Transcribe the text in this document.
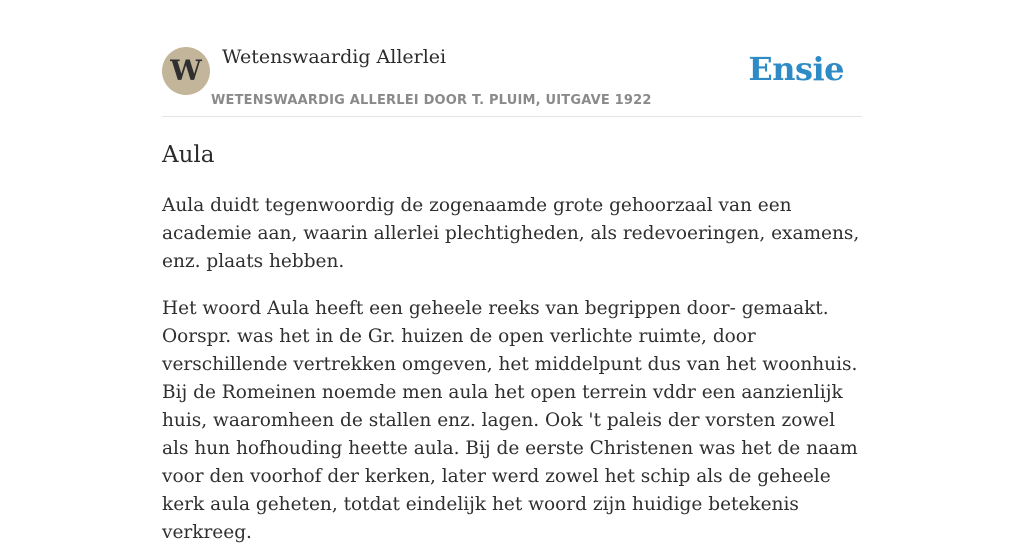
W	Wetenswaardig Allerlei
WETENSWAARDIG ALLERLEI DOOR T. PLUIM, UITGAVE 1922
Ensie
Aula

Aula duidt tegenwoordig de zogenaamde grote gehoorzaal van een academie aan, waarin allerlei plechtigheden, als redevoeringen, examens, enz. plaats hebben.

Het woord Aula heeft een geheele reeks van begrippen door- gemaakt. Oorspr. was het in de Gr. huizen de open verlichte ruimte, door verschillende vertrekken omgeven, het middelpunt dus van het woonhuis. Bij de Romeinen noemde men aula het open terrein vddr een aanzienlijk huis, waaromheen de stallen enz. lagen. Ook 't paleis der vorsten zowel als hun hofhouding heette aula. Bij de eerste Christenen was het de naam voor den voorhof der kerken, later werd zowel het schip als de geheele kerk aula geheten, totdat eindelijk het woord zijn huidige betekenis verkreeg.
